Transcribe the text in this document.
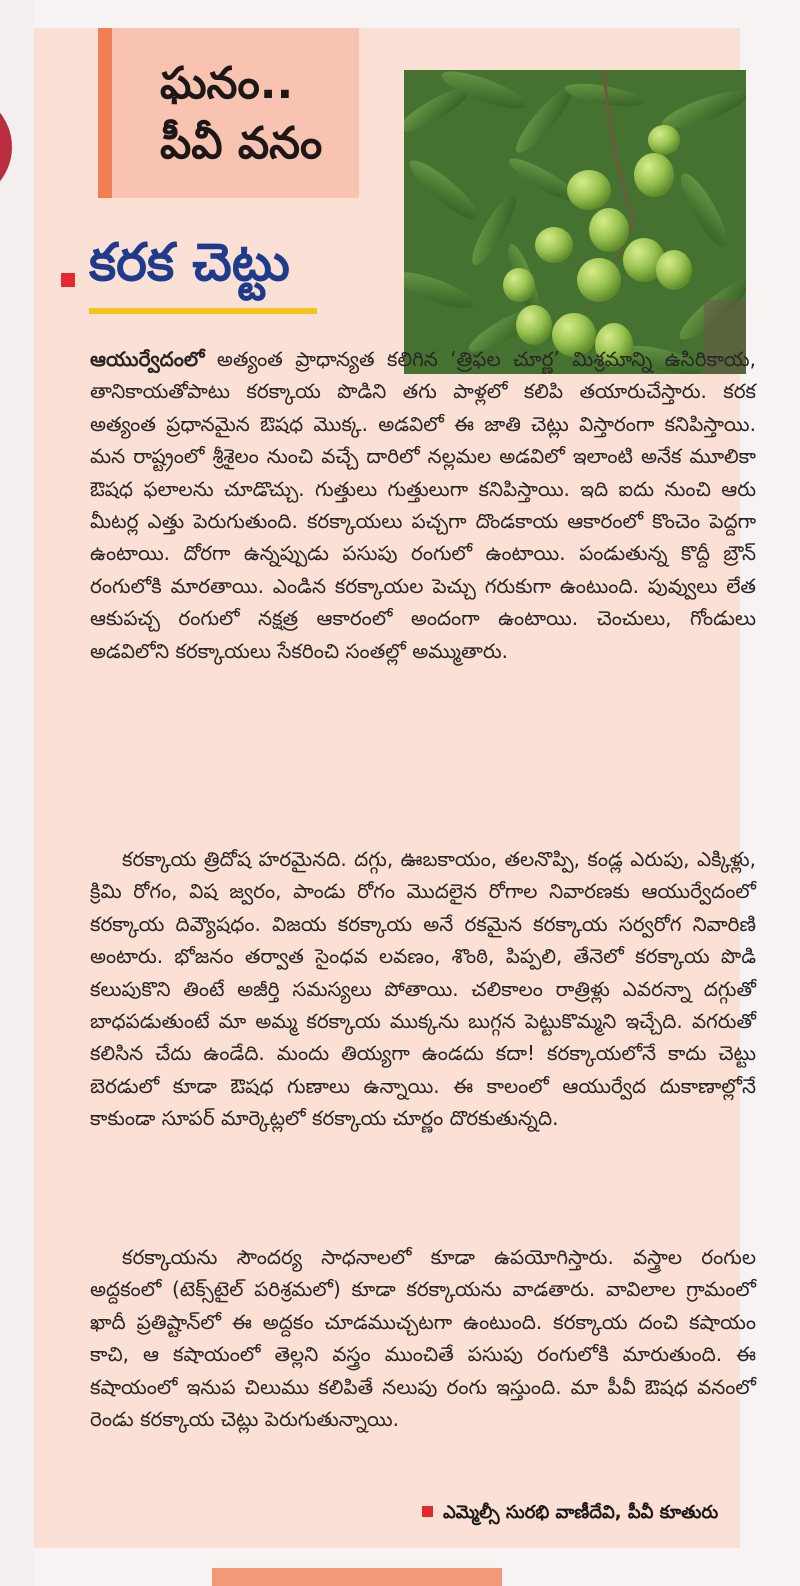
ఘనం..
పీవీ వనం
కరక చెట్టు

ఆయుర్వేదంలో అత్యంత ప్రాధాన్యత కలిగిన ‘త్రిఫల చూర్ణ’ మిశ్రమాన్ని ఉసిరికాయ, తానికాయతోపాటు కరక్కాయ పొడిని తగు పాళ్లలో కలిపి తయారుచేస్తారు. కరక అత్యంత ప్రధానమైన ఔషధ మొక్క. అడవిలో ఈ జాతి చెట్లు విస్తారంగా కనిపిస్తాయి. మన రాష్ట్రంలో శ్రీశైలం నుంచి వచ్చే దారిలో నల్లమల అడవిలో ఇలాంటి అనేక మూలికా ఔషధ ఫలాలను చూడొచ్చు. గుత్తులు గుత్తులుగా కనిపిస్తాయి. ఇది ఐదు నుంచి ఆరు మీటర్ల ఎత్తు పెరుగుతుంది. కరక్కాయలు పచ్చగా దొండకాయ ఆకారంలో కొంచెం పెద్దగా ఉంటాయి. దోరగా ఉన్నప్పుడు పసుపు రంగులో ఉంటాయి. పండుతున్న కొద్దీ బ్రౌన్ రంగులోకి మారతాయి. ఎండిన కరక్కాయల పెచ్చు గరుకుగా ఉంటుంది. పువ్వులు లేత ఆకుపచ్చ రంగులో నక్షత్ర ఆకారంలో అందంగా ఉంటాయి. చెంచులు, గోండులు అడవిలోని కరక్కాయలు సేకరించి సంతల్లో అమ్ముతారు.

కరక్కాయ త్రిదోష హరమైనది. దగ్గు, ఊబకాయం, తలనొప్పి, కండ్ల ఎరుపు, ఎక్కిళ్లు, క్రిమి రోగం, విష జ్వరం, పాండు రోగం మొదలైన రోగాల నివారణకు ఆయుర్వేదంలో కరక్కాయ దివ్యౌషధం. విజయ కరక్కాయ అనే రకమైన కరక్కాయ సర్వరోగ నివారిణి అంటారు. భోజనం తర్వాత సైంధవ లవణం, శొంఠి, పిప్పలి, తేనెలో కరక్కాయ పొడి కలుపుకొని తింటే అజీర్తి సమస్యలు పోతాయి. చలికాలం రాత్రిళ్లు ఎవరన్నా దగ్గుతో బాధపడుతుంటే మా అమ్మ కరక్కాయ ముక్కను బుగ్గన పెట్టుకొమ్మని ఇచ్చేది. వగరుతో కలిసిన చేదు ఉండేది. మందు తియ్యగా ఉండదు కదా! కరక్కాయలోనే కాదు చెట్టు బెరడులో కూడా ఔషధ గుణాలు ఉన్నాయి. ఈ కాలంలో ఆయుర్వేద దుకాణాల్లోనే కాకుండా సూపర్ మార్కెట్లలో కరక్కాయ చూర్ణం దొరకుతున్నది.

కరక్కాయను సౌందర్య సాధనాలలో కూడా ఉపయోగిస్తారు. వస్త్రాల రంగుల అద్దకంలో (టెక్స్‌టైల్ పరిశ్రమలో) కూడా కరక్కాయను వాడతారు. వావిలాల గ్రామంలో ఖాదీ ప్రతిష్టాన్‌లో ఈ అద్దకం చూడముచ్చటగా ఉంటుంది. కరక్కాయ దంచి కషాయం కాచి, ఆ కషాయంలో తెల్లని వస్త్రం ముంచితే పసుపు రంగులోకి మారుతుంది. ఈ కషాయంలో ఇనుప చిలుము కలిపితే నలుపు రంగు ఇస్తుంది. మా పీవీ ఔషధ వనంలో రెండు కరక్కాయ చెట్లు పెరుగుతున్నాయి.

ఎమ్మెల్సీ సురభి వాణీదేవి, పీవీ కూతురు
